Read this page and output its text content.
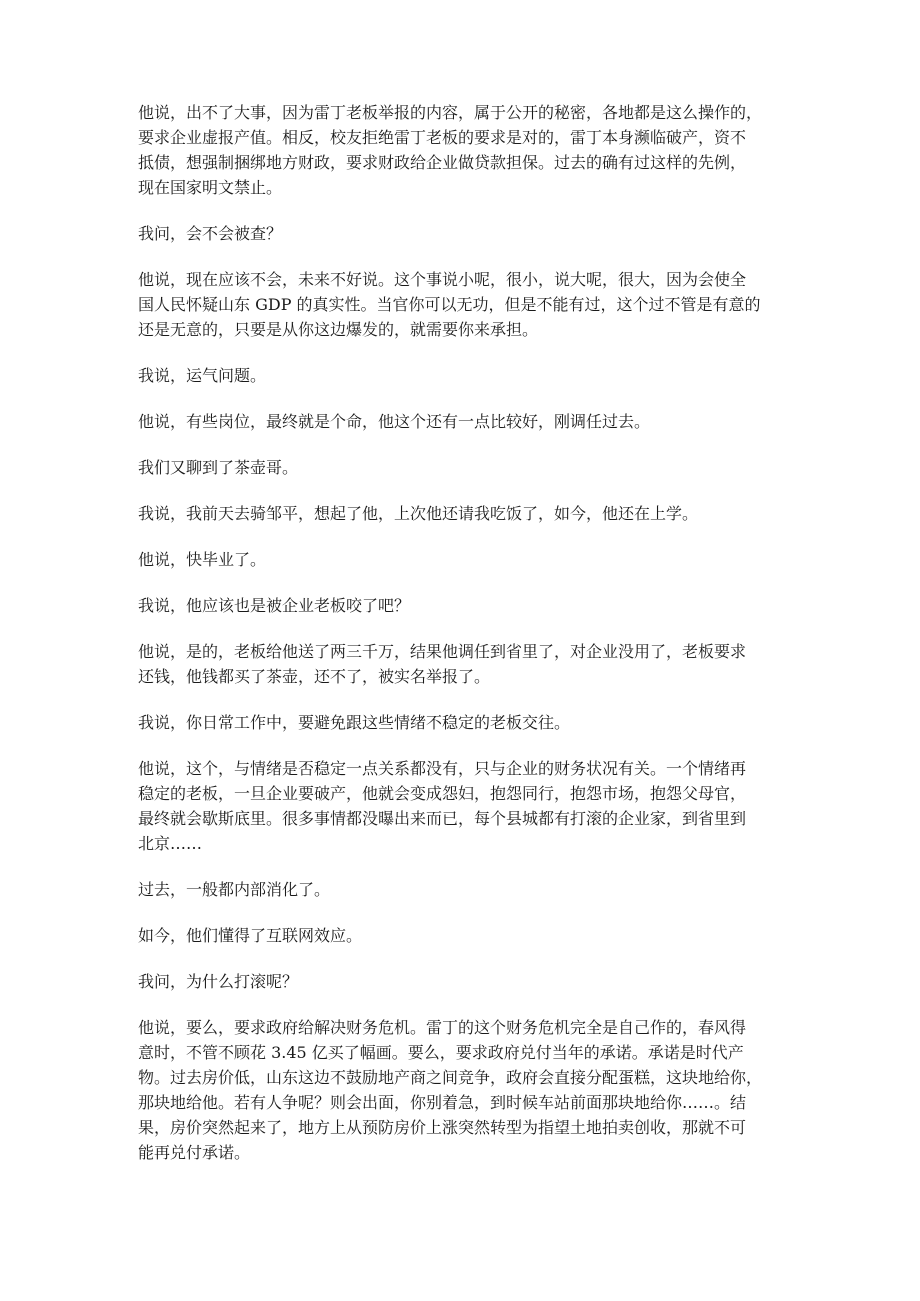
他说，出不了大事，因为雷丁老板举报的内容，属于公开的秘密，各地都是这么操作的，
要求企业虚报产值。相反，校友拒绝雷丁老板的要求是对的，雷丁本身濒临破产，资不
抵债，想强制捆绑地方财政，要求财政给企业做贷款担保。过去的确有过这样的先例，
现在国家明文禁止。

我问，会不会被查？

他说，现在应该不会，未来不好说。这个事说小呢，很小，说大呢，很大，因为会使全
国人民怀疑山东 GDP 的真实性。当官你可以无功，但是不能有过，这个过不管是有意的
还是无意的，只要是从你这边爆发的，就需要你来承担。

我说，运气问题。

他说，有些岗位，最终就是个命，他这个还有一点比较好，刚调任过去。

我们又聊到了茶壶哥。

我说，我前天去骑邹平，想起了他，上次他还请我吃饭了，如今，他还在上学。

他说，快毕业了。

我说，他应该也是被企业老板咬了吧？

他说，是的，老板给他送了两三千万，结果他调任到省里了，对企业没用了，老板要求
还钱，他钱都买了茶壶，还不了，被实名举报了。

我说，你日常工作中，要避免跟这些情绪不稳定的老板交往。

他说，这个，与情绪是否稳定一点关系都没有，只与企业的财务状况有关。一个情绪再
稳定的老板，一旦企业要破产，他就会变成怨妇，抱怨同行，抱怨市场，抱怨父母官，
最终就会歇斯底里。很多事情都没曝出来而已，每个县城都有打滚的企业家，到省里到
北京……

过去，一般都内部消化了。

如今，他们懂得了互联网效应。

我问，为什么打滚呢？

他说，要么，要求政府给解决财务危机。雷丁的这个财务危机完全是自己作的，春风得
意时，不管不顾花 3.45 亿买了幅画。要么，要求政府兑付当年的承诺。承诺是时代产
物。过去房价低，山东这边不鼓励地产商之间竞争，政府会直接分配蛋糕，这块地给你，
那块地给他。若有人争呢？则会出面，你别着急，到时候车站前面那块地给你……。结
果，房价突然起来了，地方上从预防房价上涨突然转型为指望土地拍卖创收，那就不可
能再兑付承诺。
